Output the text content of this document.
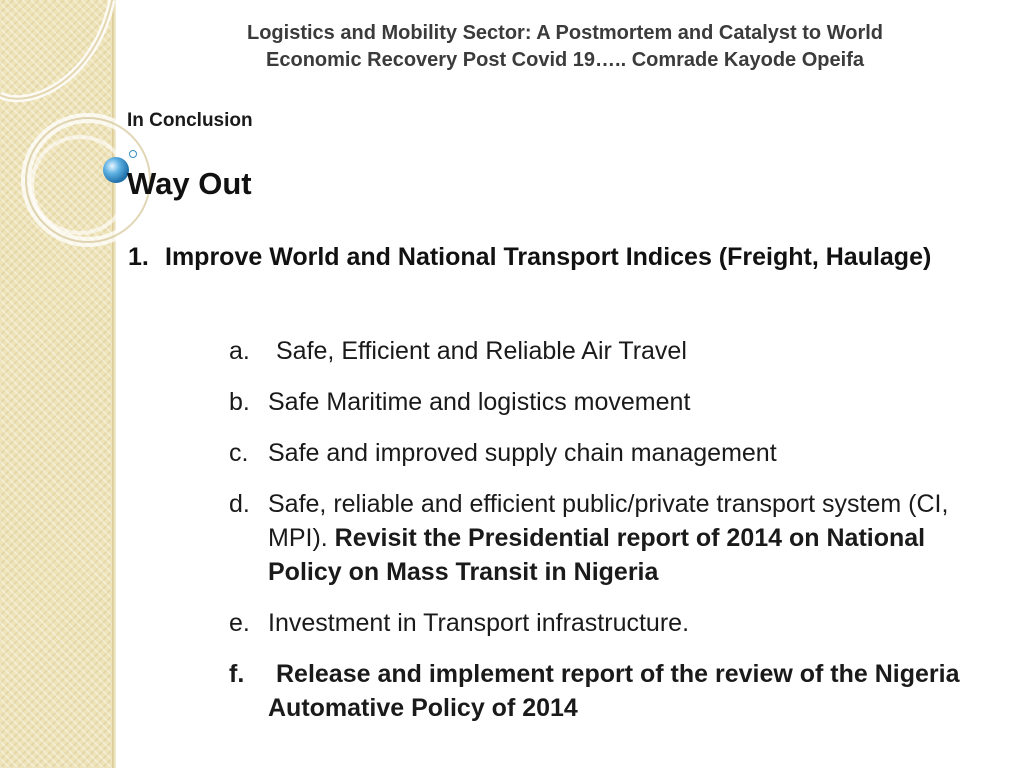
Logistics and Mobility Sector: A Postmortem and Catalyst to World
Economic Recovery Post Covid 19….. Comrade Kayode Opeifa
In Conclusion
Way Out
1. Improve World and National Transport Indices (Freight, Haulage)
a.	Safe, Efficient and Reliable Air Travel
b. Safe Maritime and logistics movement
c. Safe and improved supply chain management
d. Safe, reliable and efficient public/private transport system (CI, MPI). Revisit the Presidential report of 2014 on National Policy on Mass Transit in Nigeria
e. Investment in Transport infrastructure.
f.	Release and implement report of the review of the Nigeria Automative Policy of 2014
